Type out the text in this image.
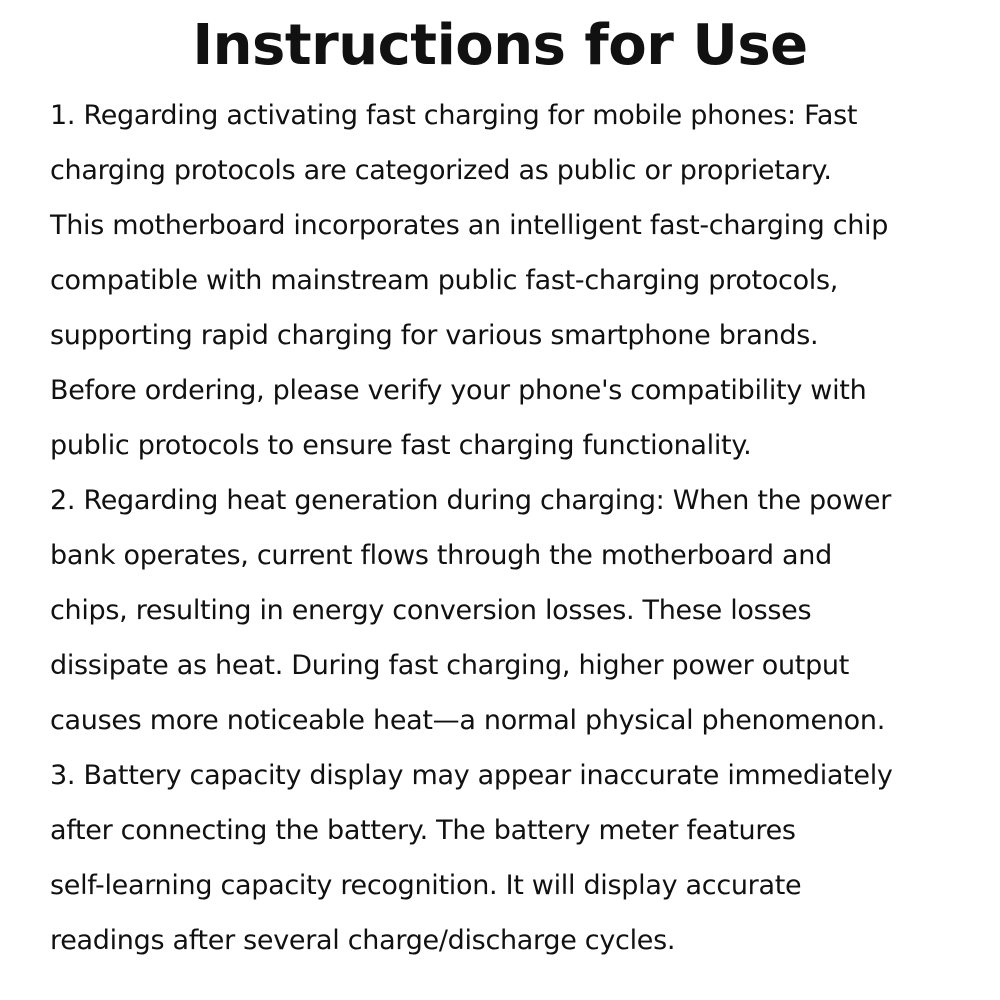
Instructions for Use
1. Regarding activating fast charging for mobile phones: Fast
charging protocols are categorized as public or proprietary.
This motherboard incorporates an intelligent fast-charging chip
compatible with mainstream public fast-charging protocols,
supporting rapid charging for various smartphone brands.
Before ordering, please verify your phone's compatibility with
public protocols to ensure fast charging functionality.
2. Regarding heat generation during charging: When the power
bank operates, current flows through the motherboard and
chips, resulting in energy conversion losses. These losses
dissipate as heat. During fast charging, higher power output
causes more noticeable heat—a normal physical phenomenon.
3. Battery capacity display may appear inaccurate immediately
after connecting the battery. The battery meter features
self-learning capacity recognition. It will display accurate
readings after several charge/discharge cycles.
